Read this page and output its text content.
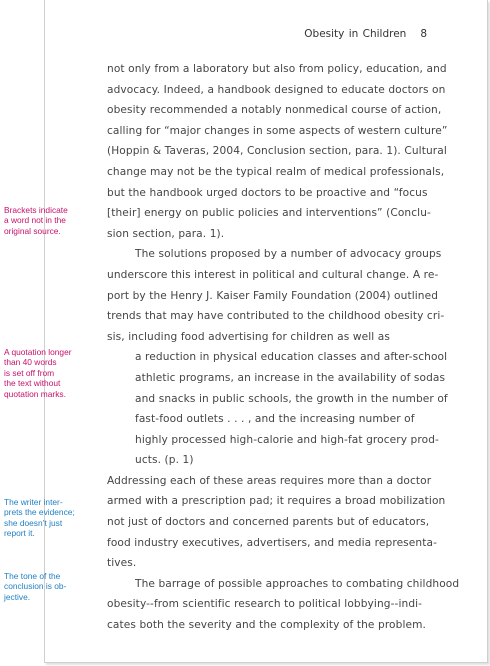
Obesity in Children 8

not only from a laboratory but also from policy, education, and
advocacy. Indeed, a handbook designed to educate doctors on
obesity recommended a notably nonmedical course of action,
calling for “major changes in some aspects of western culture”
(Hoppin & Taveras, 2004, Conclusion section, para. 1). Cultural
change may not be the typical realm of medical professionals,
but the handbook urged doctors to be proactive and “focus
[their] energy on public policies and interventions” (Conclu-
sion section, para. 1).

The solutions proposed by a number of advocacy groups
underscore this interest in political and cultural change. A re-
port by the Henry J. Kaiser Family Foundation (2004) outlined
trends that may have contributed to the childhood obesity cri-
sis, including food advertising for children as well as

a reduction in physical education classes and after-school
athletic programs, an increase in the availability of sodas
and snacks in public schools, the growth in the number of
fast-food outlets . . . , and the increasing number of
highly processed high-calorie and high-fat grocery prod-
ucts. (p. 1)

Addressing each of these areas requires more than a doctor
armed with a prescription pad; it requires a broad mobilization
not just of doctors and concerned parents but of educators,
food industry executives, advertisers, and media representa-
tives.

The barrage of possible approaches to combating childhood
obesity--from scientific research to political lobbying--indi-
cates both the severity and the complexity of the problem.

Brackets indicate
a word not in the
original source.
A quotation longer
than 40 words
is set off from
the text without
quotation marks.
The writer inter-
prets the evidence;
she doesn’t just
report it.
The tone of the
conclusion is ob-
jective.
